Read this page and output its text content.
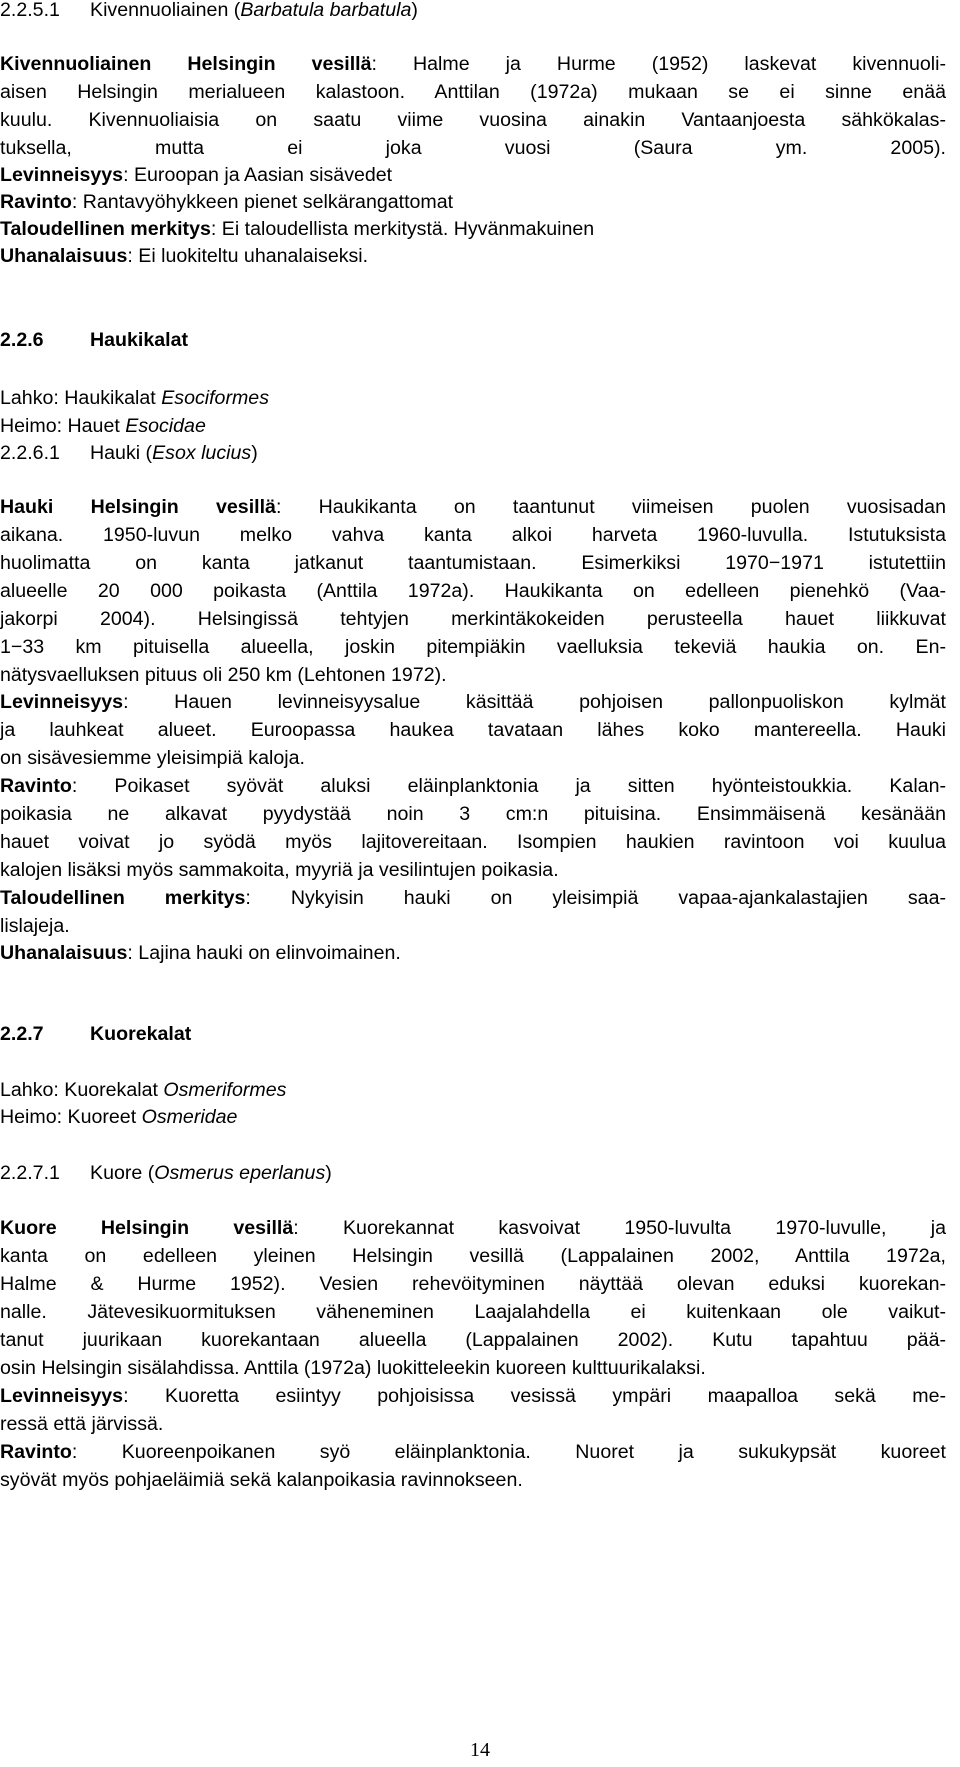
2.2.5.1 Kivennuoliainen (Barbatula barbatula)

Kivennuoliainen Helsingin vesillä: Halme ja Hurme (1952) laskevat kivennuoli-

aisen Helsingin merialueen kalastoon. Anttilan (1972a) mukaan se ei sinne enää

kuulu. Kivennuoliaisia on saatu viime vuosina ainakin Vantaanjoesta sähkökalas-

tuksella, mutta ei joka vuosi (Saura ym. 2005).

Levinneisyys: Euroopan ja Aasian sisävedet

Ravinto: Rantavyöhykkeen pienet selkärangattomat

Taloudellinen merkitys: Ei taloudellista merkitystä. Hyvänmakuinen

Uhanalaisuus: Ei luokiteltu uhanalaiseksi.

2.2.6 Haukikalat

Lahko: Haukikalat Esociformes

Heimo: Hauet Esocidae

2.2.6.1 Hauki (Esox lucius)

Hauki Helsingin vesillä: Haukikanta on taantunut viimeisen puolen vuosisadan

aikana. 1950-luvun melko vahva kanta alkoi harveta 1960-luvulla. Istutuksista

huolimatta on kanta jatkanut taantumistaan. Esimerkiksi 1970−1971 istutettiin

alueelle 20 000 poikasta (Anttila 1972a). Haukikanta on edelleen pienehkö (Vaa-

jakorpi 2004). Helsingissä tehtyjen merkintäkokeiden perusteella hauet liikkuvat

1−33 km pituisella alueella, joskin pitempiäkin vaelluksia tekeviä haukia on. En-

nätysvaelluksen pituus oli 250 km (Lehtonen 1972).

Levinneisyys: Hauen levinneisyysalue käsittää pohjoisen pallonpuoliskon kylmät

ja lauhkeat alueet. Euroopassa haukea tavataan lähes koko mantereella. Hauki

on sisävesiemme yleisimpiä kaloja.

Ravinto: Poikaset syövät aluksi eläinplanktonia ja sitten hyönteistoukkia. Kalan-

poikasia ne alkavat pyydystää noin 3 cm:n pituisina. Ensimmäisenä kesänään

hauet voivat jo syödä myös lajitovereitaan. Isompien haukien ravintoon voi kuulua

kalojen lisäksi myös sammakoita, myyriä ja vesilintujen poikasia.

Taloudellinen merkitys: Nykyisin hauki on yleisimpiä vapaa-ajankalastajien saa-

lislajeja.

Uhanalaisuus: Lajina hauki on elinvoimainen.

2.2.7 Kuorekalat

Lahko: Kuorekalat Osmeriformes

Heimo: Kuoreet Osmeridae

2.2.7.1 Kuore (Osmerus eperlanus)

Kuore Helsingin vesillä: Kuorekannat kasvoivat 1950-luvulta 1970-luvulle, ja

kanta on edelleen yleinen Helsingin vesillä (Lappalainen 2002, Anttila 1972a,

Halme & Hurme 1952). Vesien rehevöityminen näyttää olevan eduksi kuorekan-

nalle. Jätevesikuormituksen väheneminen Laajalahdella ei kuitenkaan ole vaikut-

tanut juurikaan kuorekantaan alueella (Lappalainen 2002). Kutu tapahtuu pää-

osin Helsingin sisälahdissa. Anttila (1972a) luokitteleekin kuoreen kulttuurikalaksi.

Levinneisyys: Kuoretta esiintyy pohjoisissa vesissä ympäri maapalloa sekä me-

ressä että järvissä.

Ravinto: Kuoreenpoikanen syö eläinplanktonia. Nuoret ja sukukypsät kuoreet

syövät myös pohjaeläimiä sekä kalanpoikasia ravinnokseen.

14
